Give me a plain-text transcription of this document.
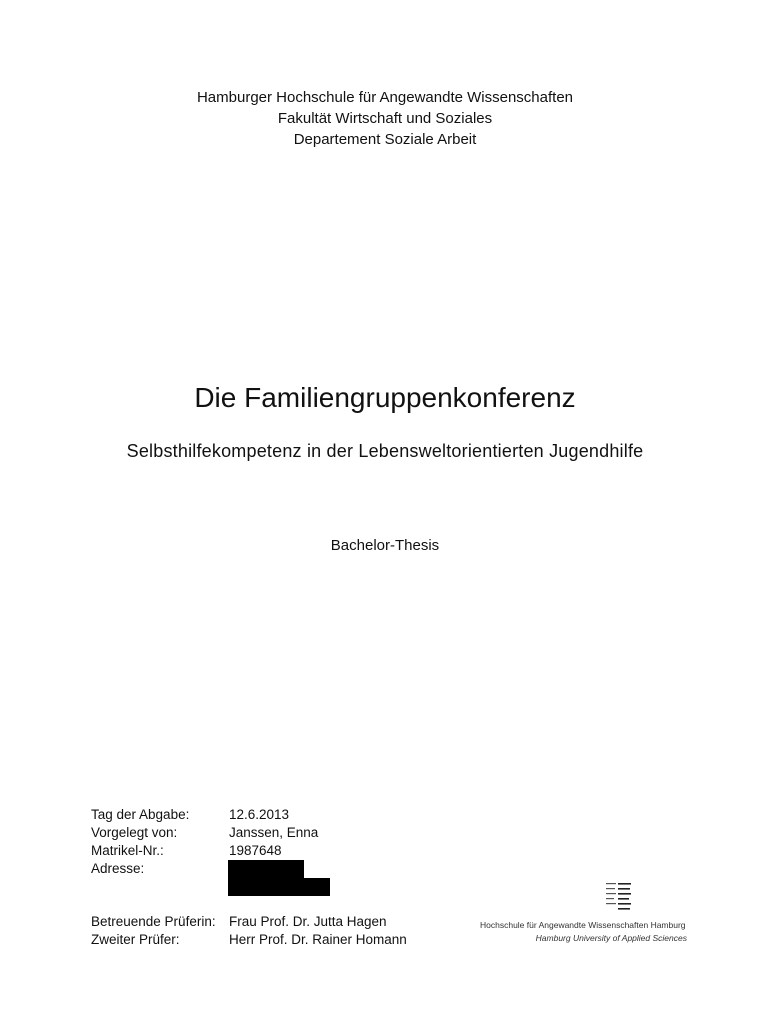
Hamburger Hochschule für Angewandte Wissenschaften
Fakultät Wirtschaft und Soziales
Departement Soziale Arbeit
Die Familiengruppenkonferenz
Selbsthilfekompetenz in der Lebensweltorientierten Jugendhilfe
Bachelor-Thesis
Tag der Abgabe:	12.6.2013
Vorgelegt von:	Janssen, Enna
Matrikel-Nr.:	1987648
Adresse:
Betreuende Prüferin: Frau Prof. Dr. Jutta Hagen
Zweiter Prüfer:	Herr Prof. Dr. Rainer Homann
Hochschule für Angewandte Wissenschaften Hamburg
Hamburg University of Applied Sciences
